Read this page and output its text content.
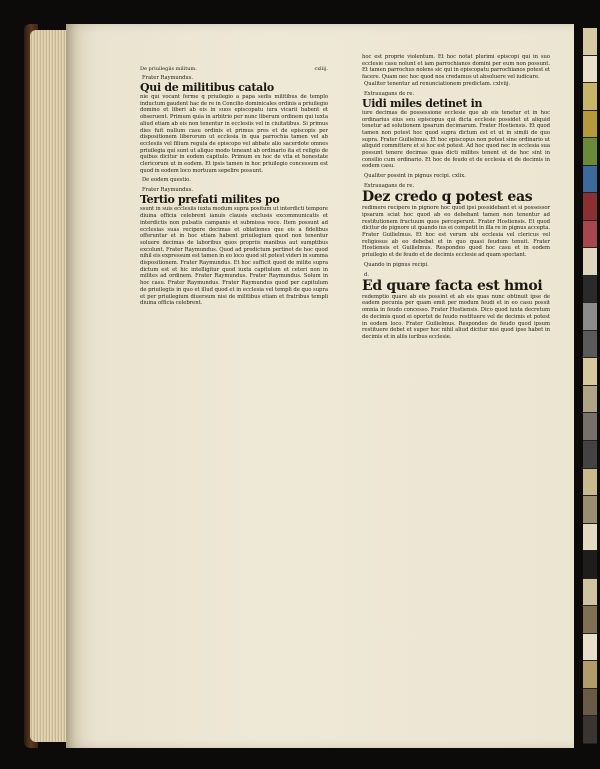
De priuilegiis militum.	cxliij.
Frater Raymundus.
Qui de militibus catalo
nie qui vocant ferme q priuilegio a papa sedis militibus de templo inductum gaudent hac de re in Concilio dominicales ordinis a priuilegio domino et liberi ab eis in suos episcopatu iura vicarii habent et obseruent. Primum quia in arbitrio per nunc liberum ordinem qui iuxta aliud etiam ab eis non tenentur in ecclesiis vel in ciuitatibus. Si primus dies fuit nullum casu ordinis et primus pres et de episcopis per dispositionem liberorum ut ecclesia in qua parrochia tamen vel ab ecclesiis vel filium regula de episcopo vel abbate alio sacerdote omnes priuilegia qui sunt ut aliquo modo teneant ab ordinario ita et religio de quibus dicitur in eodem capitulo. Primum ex hoc de vita et honestate clericorum ut in eodem. Et ipsis tamen in hoc priuilegio concessum est quod in eodem loco mortuum sepelire possunt.
De eodem questio.
Frater Raymundus.
Tertio prefati milites po
ssunt in suis ecclesiis iuxta modum supra positum ut interdicti tempore diuina officia celebrent ianuis clausis exclusis excommunicatis et interdictis non pulsatis campanis et submissa voce. Item possunt ad ecclesias suas recipere decimas et oblationes que eis a fidelibus offeruntur et in hoc etiam habent priuilegium quod non tenentur soluere decimas de laboribus quos propriis manibus aut sumptibus excolunt. Frater Raymundus. Quod ad predictum pertinet de hoc quod nihil eis expressum est tamen in eo loco quod sit potest videri in summa dispositionem. Frater Raymundus. Et hoc sufficit quod de milite supra dictum est et hic intelligitur quod iuxta capitulum et ceteri non in milites ad ordinem. Frater Raymundus. Frater Raymundus. Solum in hoc casu. Frater Raymundus. Frater Raymundus quod per capitulum de priuilegiis in quo et illud quod et in ecclesia vel templi de quo supra et per priuilegium diuersum nisi de militibus etiam et fratribus templi diuina officia celebrent.
hoc est proprie violentum. Et hoc notat plurimi episcopi qui in suo ecclesie casu nolunt et iam parrochianos domini per eum non possunt. Et tamen parrochus nolens sic qui in episcopatu parrochianos potest et facere. Quam nec hoc quod nos credamus ut absoluere vel iudicare.
Qualiter tenentur ad renunciationem predictam. cxlviij.
Extrauagans de re.
Uidi miles detinet in
iure decimas de possessione ecclesie que ab eis tenetur et in hoc ordinarius eius seu episcopus qui dicta ecclesie possidet ut aliquid tenetur ad solutionem ipsarum decimarum. Frater Hostiensis. Et quod tamen non potest hoc quod supra dictum est et ut in simili de quo supra. Frater Guilielmus. Et hoc episcopus non potest sine ordinario ut aliquid committere et si hoc est potest. Ad hoc quod nec in ecclesia sua possunt tenere decimas quas dicti milites tenent et de hoc sint in consilio cum ordinario. Et hoc de feudo et de ecclesia et de decimis in eodem casu.
Qualiter possint in pignus recipi. cxlix.
Extrauagans de re.
Dez credo q potest eas
redimere recipere in pignore hoc quod ipsi possidebant et si possessor ipsarum sciat hoc quod ab eo debebant tamen non tenentur ad restitutionem fructuum quos perceperunt. Frater Hostiensis. Et quod dicitur de pignore ut quando ius ei competit in illa re in pignus accepta. Frater Guilielmus. Et hoc est verum ubi ecclesia vel clericus vel religiosus ab eo debebat et in quo quasi feudum tenuit. Frater Hostiensis et Guilielmus. Respondeo quod hoc casu et in eodem priuilegio et de feudo et de decimis ecclesie ad quam spectant.
Quando in pignus recipi.
d.
Ed quare facta est hmoi
redemptio quare ab eis possint et ab eis quas nunc obtinuit ipse de eadem pecunia per quam emit per modum feudi et in eo casu possit omnia in feudo concesso. Frater Hostiensis. Dico quod iuxta decretum de decimis quod ei oportet de feudo restituere vel de decimis et potest in eodem loco. Frater Guilielmus. Respondeo de feudo quod ipsum restituere debet et super hoc nihil aliud dicitur nisi quod ipse habet in decimis et in aliis iuribus ecclesie.
